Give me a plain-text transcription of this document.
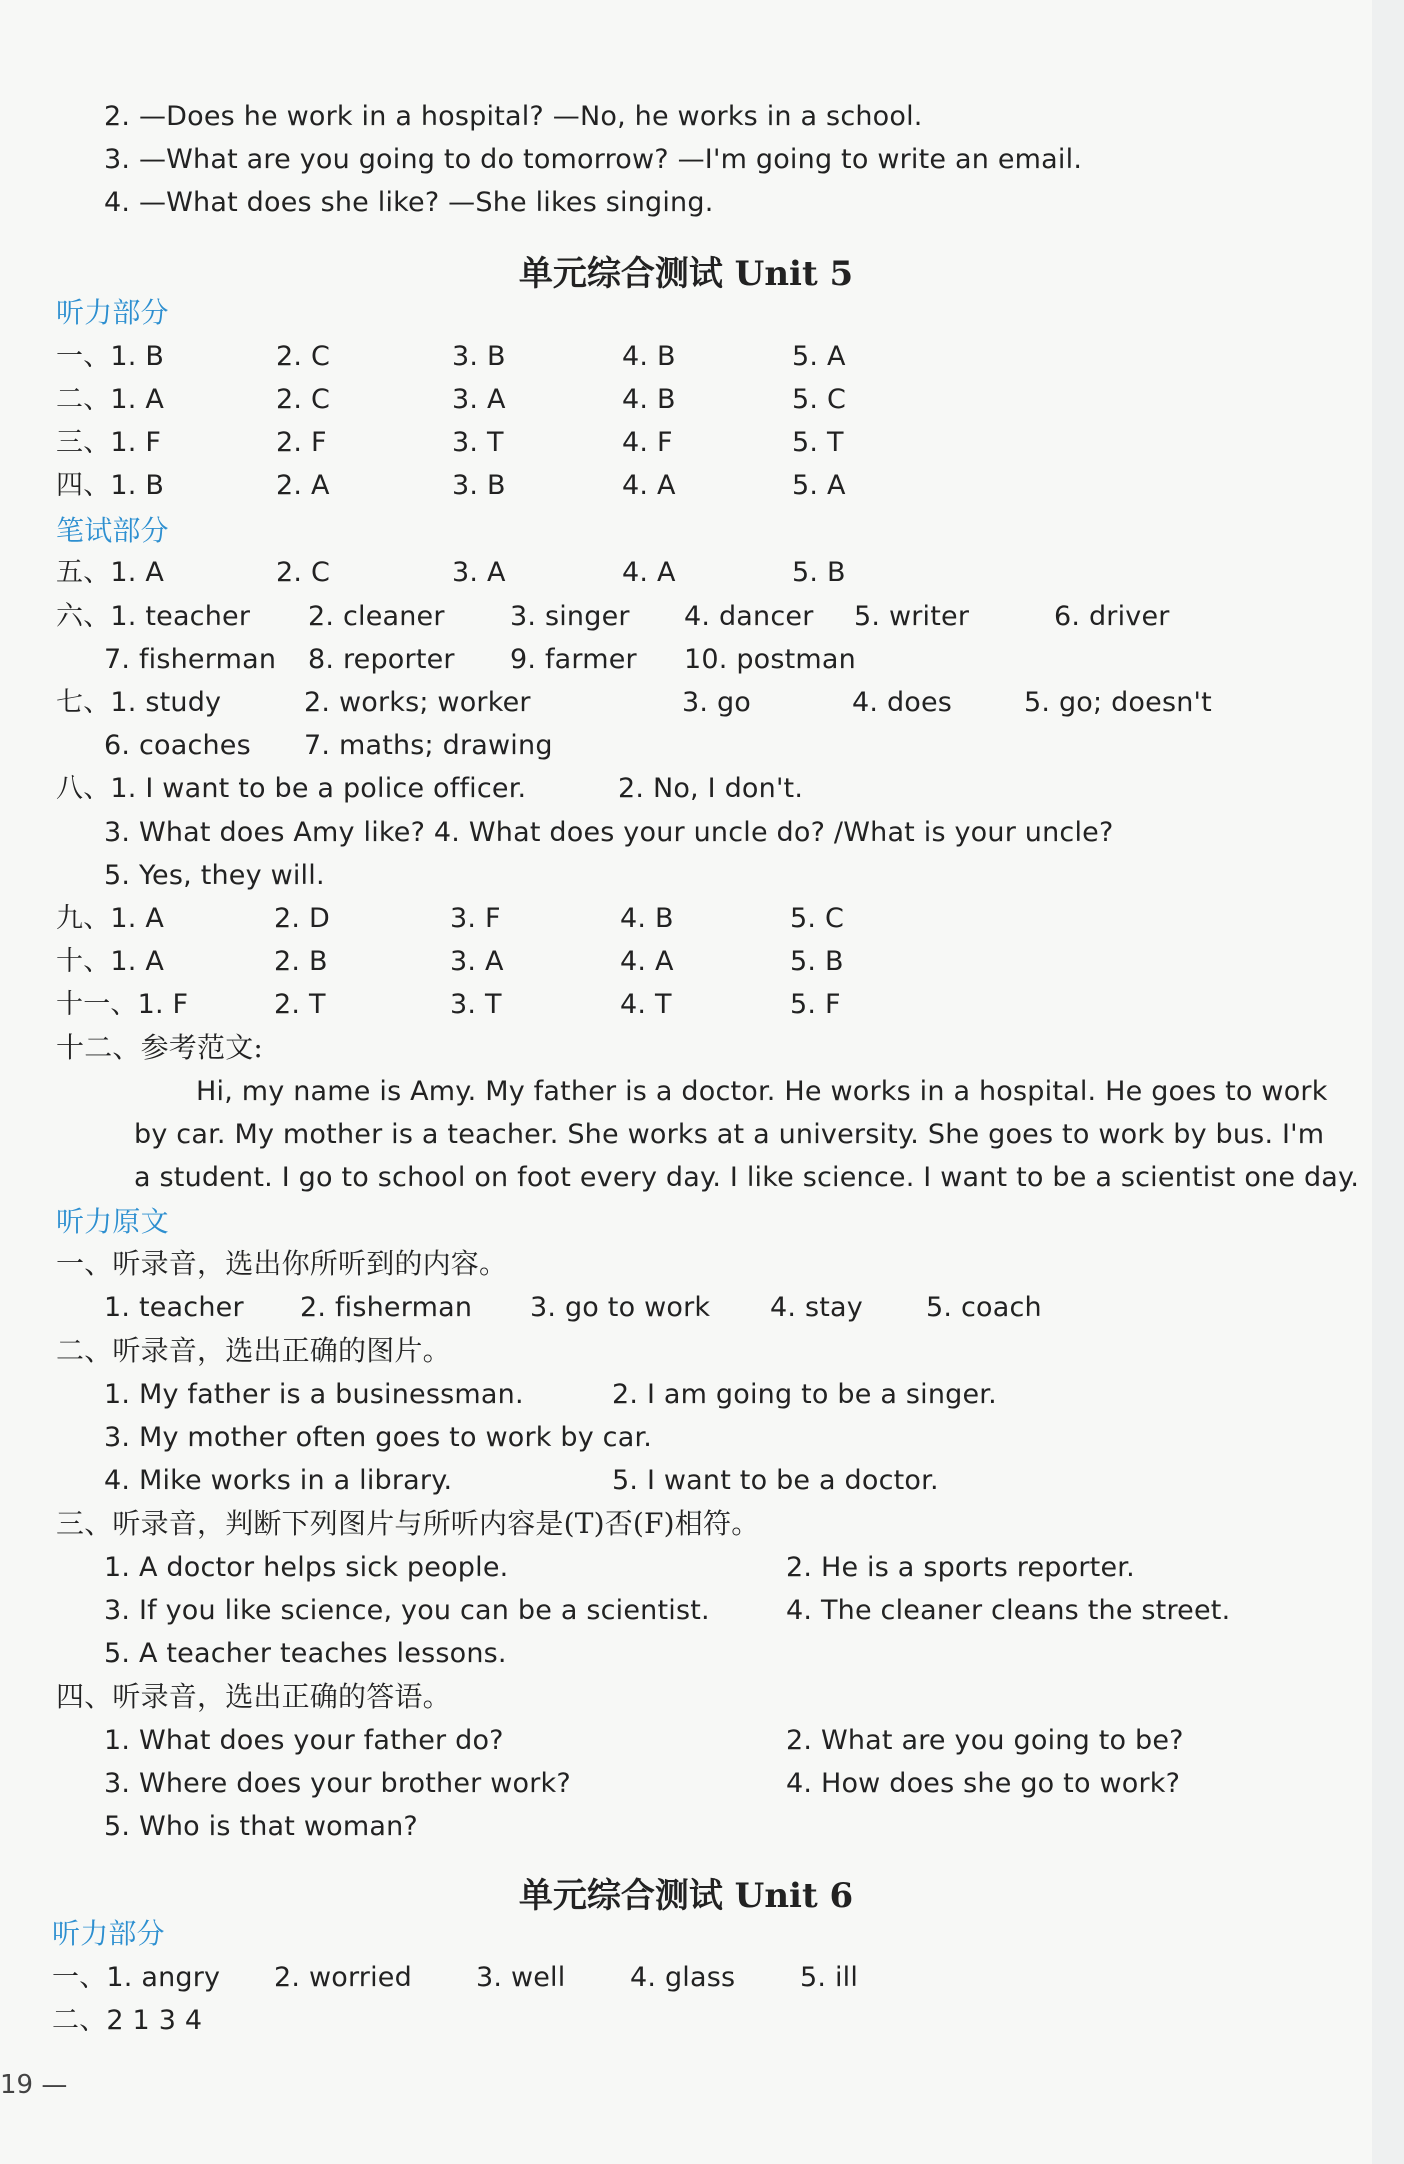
2. —Does he work in a hospital? —No, he works in a school.
3. —What are you going to do tomorrow? —I'm going to write an email.
4. —What does she like? —She likes singing.
单元综合测试 Unit 5
听力部分
一、1. B	2. C	3. B	4. B	5. A
二、1. A	2. C	3. A	4. B	5. C
三、1. F	2. F	3. T	4. F	5. T
四、1. B	2. A	3. B	4. A	5. A
笔试部分
五、1. A	2. C	3. A	4. A	5. B
六、1. teacher 2. cleaner 3. singer 4. dancer 5. writer	6. driver
7. fisherman 8. reporter 9. farmer 10. postman
七、1. study	2. works; worker	3. go	4. does	5. go; doesn't
6. coaches 7. maths; drawing
八、1. I want to be a police officer.	2. No, I don't.
3. What does Amy like? 4. What does your uncle do? /What is your uncle?
5. Yes, they will.
九、1. A	2. D	3. F	4. B	5. C
十、1. A	2. B	3. A	4. A	5. B
十一、1. F	2. T	3. T	4. T	5. F
十二、参考范文:
Hi, my name is Amy. My father is a doctor. He works in a hospital. He goes to work
by car. My mother is a teacher. She works at a university. She goes to work by bus. I'm
a student. I go to school on foot every day. I like science. I want to be a scientist one day.
听力原文
一、听录音，选出你所听到的内容。
1. teacher 2. fisherman 3. go to work 4. stay 5. coach
二、听录音，选出正确的图片。
1. My father is a businessman.	2. I am going to be a singer.
3. My mother often goes to work by car.
4. Mike works in a library.	5. I want to be a doctor.
三、听录音，判断下列图片与所听内容是(T)否(F)相符。
1. A doctor helps sick people.	2. He is a sports reporter.
3. If you like science, you can be a scientist.	4. The cleaner cleans the street.
5. A teacher teaches lessons.
四、听录音，选出正确的答语。
1. What does your father do?	2. What are you going to be?
3. Where does your brother work?	4. How does she go to work?
5. Who is that woman?
单元综合测试 Unit 6
听力部分
一、1. angry 2. worried 3. well 4. glass 5. ill
二、2 1 3 4
19 —
